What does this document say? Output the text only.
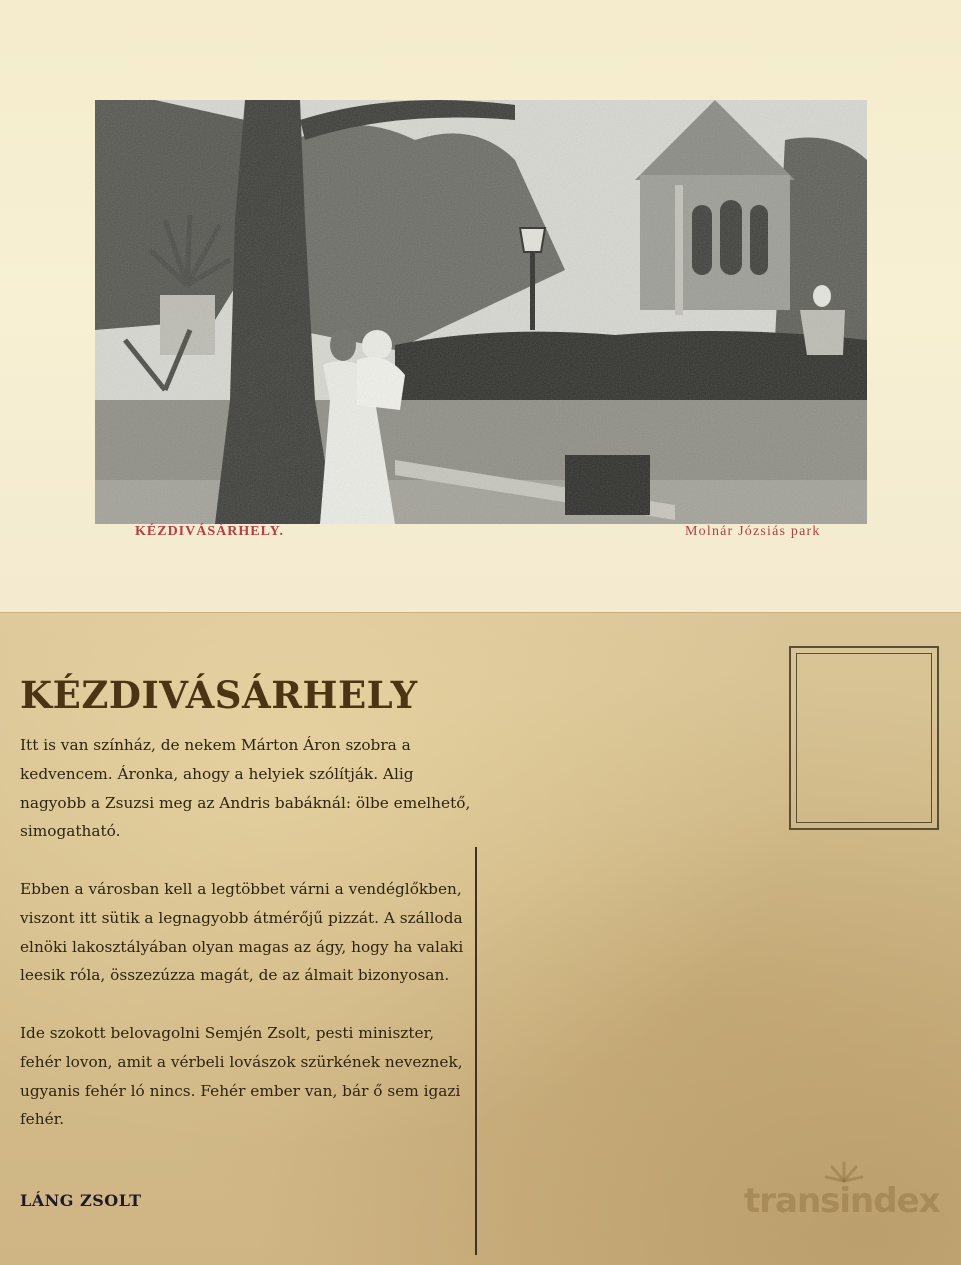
KÉZDIVÁSÁRHELY.	Molnár Józsiás park
KÉZDIVÁSÁRHELY

Itt is van színház, de nekem Márton Áron szobra a kedvencem. Áronka, ahogy a helyiek szólítják. Alig nagyobb a Zsuzsi meg az Andris babáknál: ölbe emelhető, simogatható.

Ebben a városban kell a legtöbbet várni a vendéglőkben, viszont itt sütik a legnagyobb átmérőjű pizzát. A szálloda elnöki lakosztályában olyan magas az ágy, hogy ha valaki leesik róla, összezúzza magát, de az álmait bizonyosan.

Ide szokott belovagolni Semjén Zsolt, pesti miniszter, fehér lovon, amit a vérbeli lovászok szürkének neveznek, ugyanis fehér ló nincs. Fehér ember van, bár ő sem igazi fehér.

LÁNG ZSOLT	transindex
